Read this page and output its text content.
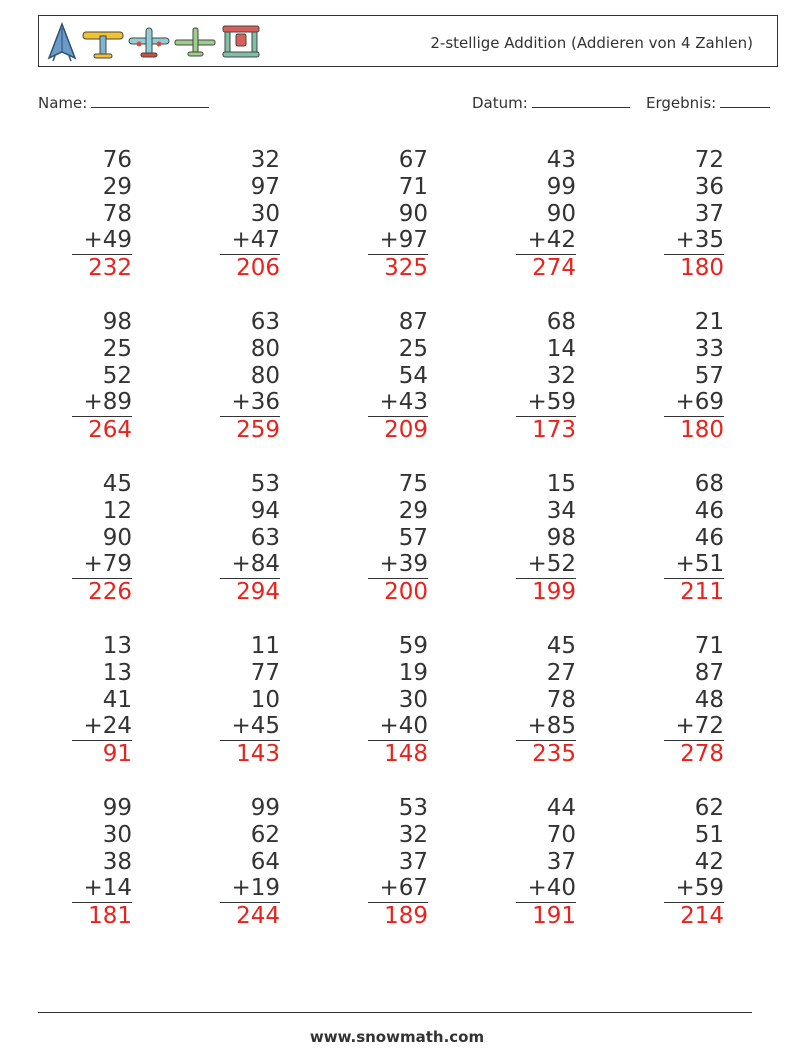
2-stellige Addition (Addieren von 4 Zahlen)
Name:	Datum:	Ergebnis:
76
29
78
+49
232
32
97
30
+47
206
67
71
90
+97
325
43
99
90
+42
274
72
36
37
+35
180
98
25
52
+89
264
63
80
80
+36
259
87
25
54
+43
209
68
14
32
+59
173
21
33
57
+69
180
45
12
90
+79
226
53
94
63
+84
294
75
29
57
+39
200
15
34
98
+52
199
68
46
46
+51
211
13
13
41
+24
91
11
77
10
+45
143
59
19
30
+40
148
45
27
78
+85
235
71
87
48
+72
278
99
30
38
+14
181
99
62
64
+19
244
53
32
37
+67
189
44
70
37
+40
191
62
51
42
+59
214
www.snowmath.com
